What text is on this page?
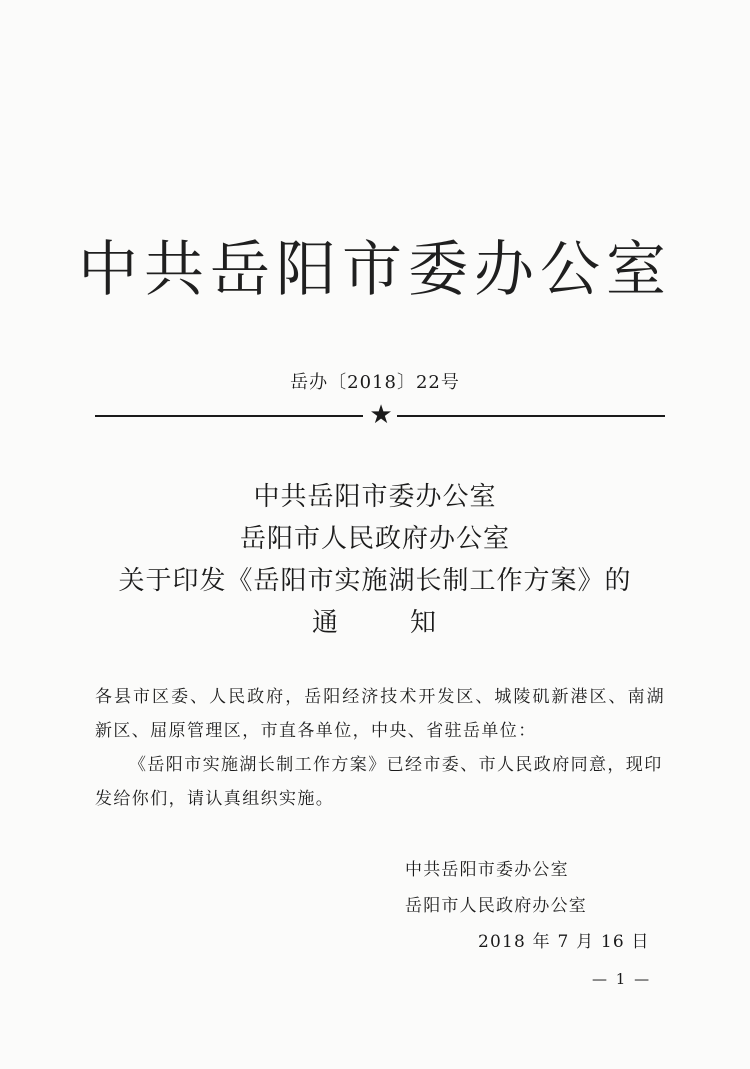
中共岳阳市委办公室
岳办〔2018〕22号
★
中共岳阳市委办公室
岳阳市人民政府办公室
关于印发《岳阳市实施湖长制工作方案》的
通	知

各县市区委、人民政府，岳阳经济技术开发区、城陵矶新港区、南湖新区、屈原管理区，市直各单位，中央、省驻岳单位：

《岳阳市实施湖长制工作方案》已经市委、市人民政府同意，现印发给你们，请认真组织实施。

中共岳阳市委办公室
岳阳市人民政府办公室
2018 年 7 月 16 日
— 1 —
